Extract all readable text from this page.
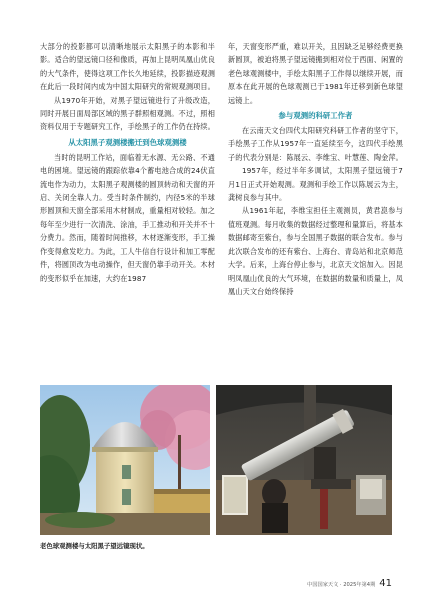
大部分的投影都可以清晰地展示太阳黑子的本影和半影。适合的望远镜口径和像质，再加上昆明凤凰山优良的大气条件，使得这项工作长久地延续，投影描迹观测在此后一段时间内成为中国太阳研究的常规观测项目。

从1970年开始，对黑子望远镜进行了升级改造，同时开展日面局部区域的黑子群照相观测。不过，照相资料仅用于专题研究工作，手绘黑子的工作仍在持续。

从太阳黑子观测楼搬迁到色球观测楼

当时的昆明工作站，面临着无水源、无公路、不通电的困境。望远镜的跟踪依靠4个蓄电池合成的24伏直流电作为动力，太阳黑子观测楼的圆顶转动和天窗的开启、关闭全靠人力。受当时条件制约，内径5米的半球形圆顶和天窗全部采用木材制成，重量相对较轻。加之每年至少进行一次清洗、涂油，手工推动和开关并不十分费力。然而，随着时间推移，木材逐渐变形，手工操作变得愈发吃力。为此，工人牛信自行设计和加工零配件，将圆顶改为电动操作，但天窗仍靠手动开关。木材的变形似乎在加速，大约在1987

年，天窗变形严重，难以开关，且因缺乏足够经费更换新圆顶，被迫将黑子望远镜搬到相对位于西面、闲置的老色球观测楼中，手绘太阳黑子工作得以继续开展，而原本在此开展的色球观测已于1981年迁移到新色球望远镜上。

参与观测的科研工作者

在云南天文台四代太阳研究科研工作者的坚守下，手绘黑子工作从1957年一直延续至今，这四代手绘黑子的代表分别是：陈展云、李维宝、叶慧莲、陶金萍。

1957年，经过半年多调试，太阳黑子望远镜于7月1日正式开始观测。观测和手绘工作以陈展云为主，龚树良参与其中。

从1961年起，李维宝担任主观测员，黄君崑参与值班观测。每月收集的数据经过整理和量算后，将基本数据邮寄至紫台，参与全国黑子数据的联合发布。参与此次联合发布的还有紫台、上海台、青岛站和北京师范大学。后来，上海台停止参与，北京天文馆加入。因昆明凤凰山优良的大气环境，在数据的数量和质量上，凤凰山天文台始终保持

老色球观测楼与太阳黑子望远镜现状。
中国国家天文 · 2025年第4期 41
